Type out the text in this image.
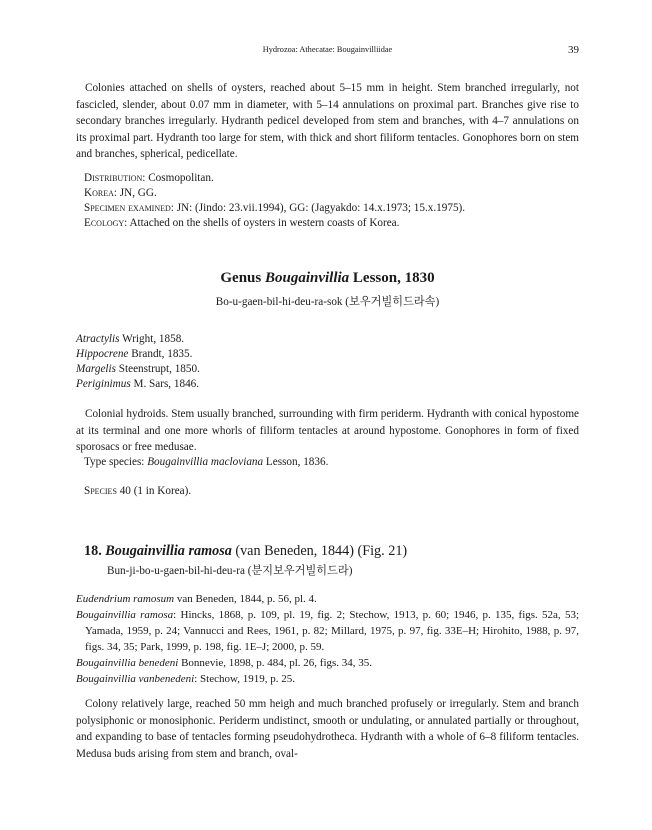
Hydrozoa: Athecatae: Bougainvilliidae	39
Colonies attached on shells of oysters, reached about 5–15 mm in height. Stem branched irregularly, not fascicled, slender, about 0.07 mm in diameter, with 5–14 annulations on proximal part. Branches give rise to secondary branches irregularly. Hydranth pedicel developed from stem and branches, with 4–7 annulations on its proximal part. Hydranth too large for stem, with thick and short filiform tentacles. Gonophores born on stem and branches, spherical, pedicellate.
Distribution: Cosmopolitan.
Korea: JN, GG.
Specimen examined: JN: (Jindo: 23.vii.1994), GG: (Jagyakdo: 14.x.1973; 15.x.1975).
Ecology: Attached on the shells of oysters in western coasts of Korea.
Genus Bougainvillia Lesson, 1830
Bo-u-gaen-bil-hi-deu-ra-sok (보우거빌히드라속)
Atractylis Wright, 1858.
Hippocrene Brandt, 1835.
Margelis Steenstrupt, 1850.
Periginimus M. Sars, 1846.
Colonial hydroids. Stem usually branched, surrounding with firm periderm. Hydranth with conical hypostome at its terminal and one more whorls of filiform tentacles at around hypostome. Gonophores in form of fixed sporosacs or free medusae.
Type species: Bougainvillia macloviana Lesson, 1836.
Species 40 (1 in Korea).
18. Bougainvillia ramosa (van Beneden, 1844) (Fig. 21)
Bun-ji-bo-u-gaen-bil-hi-deu-ra (분지보우거빌히드라)
Eudendrium ramosum van Beneden, 1844, p. 56, pl. 4.
Bougainvillia ramosa: Hincks, 1868, p. 109, pl. 19, fig. 2; Stechow, 1913, p. 60; 1946, p. 135, figs. 52a, 53; Yamada, 1959, p. 24; Vannucci and Rees, 1961, p. 82; Millard, 1975, p. 97, fig. 33E–H; Hirohito, 1988, p. 97, figs. 34, 35; Park, 1999, p. 198, fig. 1E–J; 2000, p. 59.
Bougainvillia benedeni Bonnevie, 1898, p. 484, pl. 26, figs. 34, 35.
Bougainvillia vanbenedeni: Stechow, 1919, p. 25.
Colony relatively large, reached 50 mm heigh and much branched profusely or irregularly. Stem and branch polysiphonic or monosiphonic. Periderm undistinct, smooth or undulating, or annulated partially or throughout, and expanding to base of tentacles forming pseudohydrotheca. Hydranth with a whole of 6–8 filiform tentacles. Medusa buds arising from stem and branch, oval-
